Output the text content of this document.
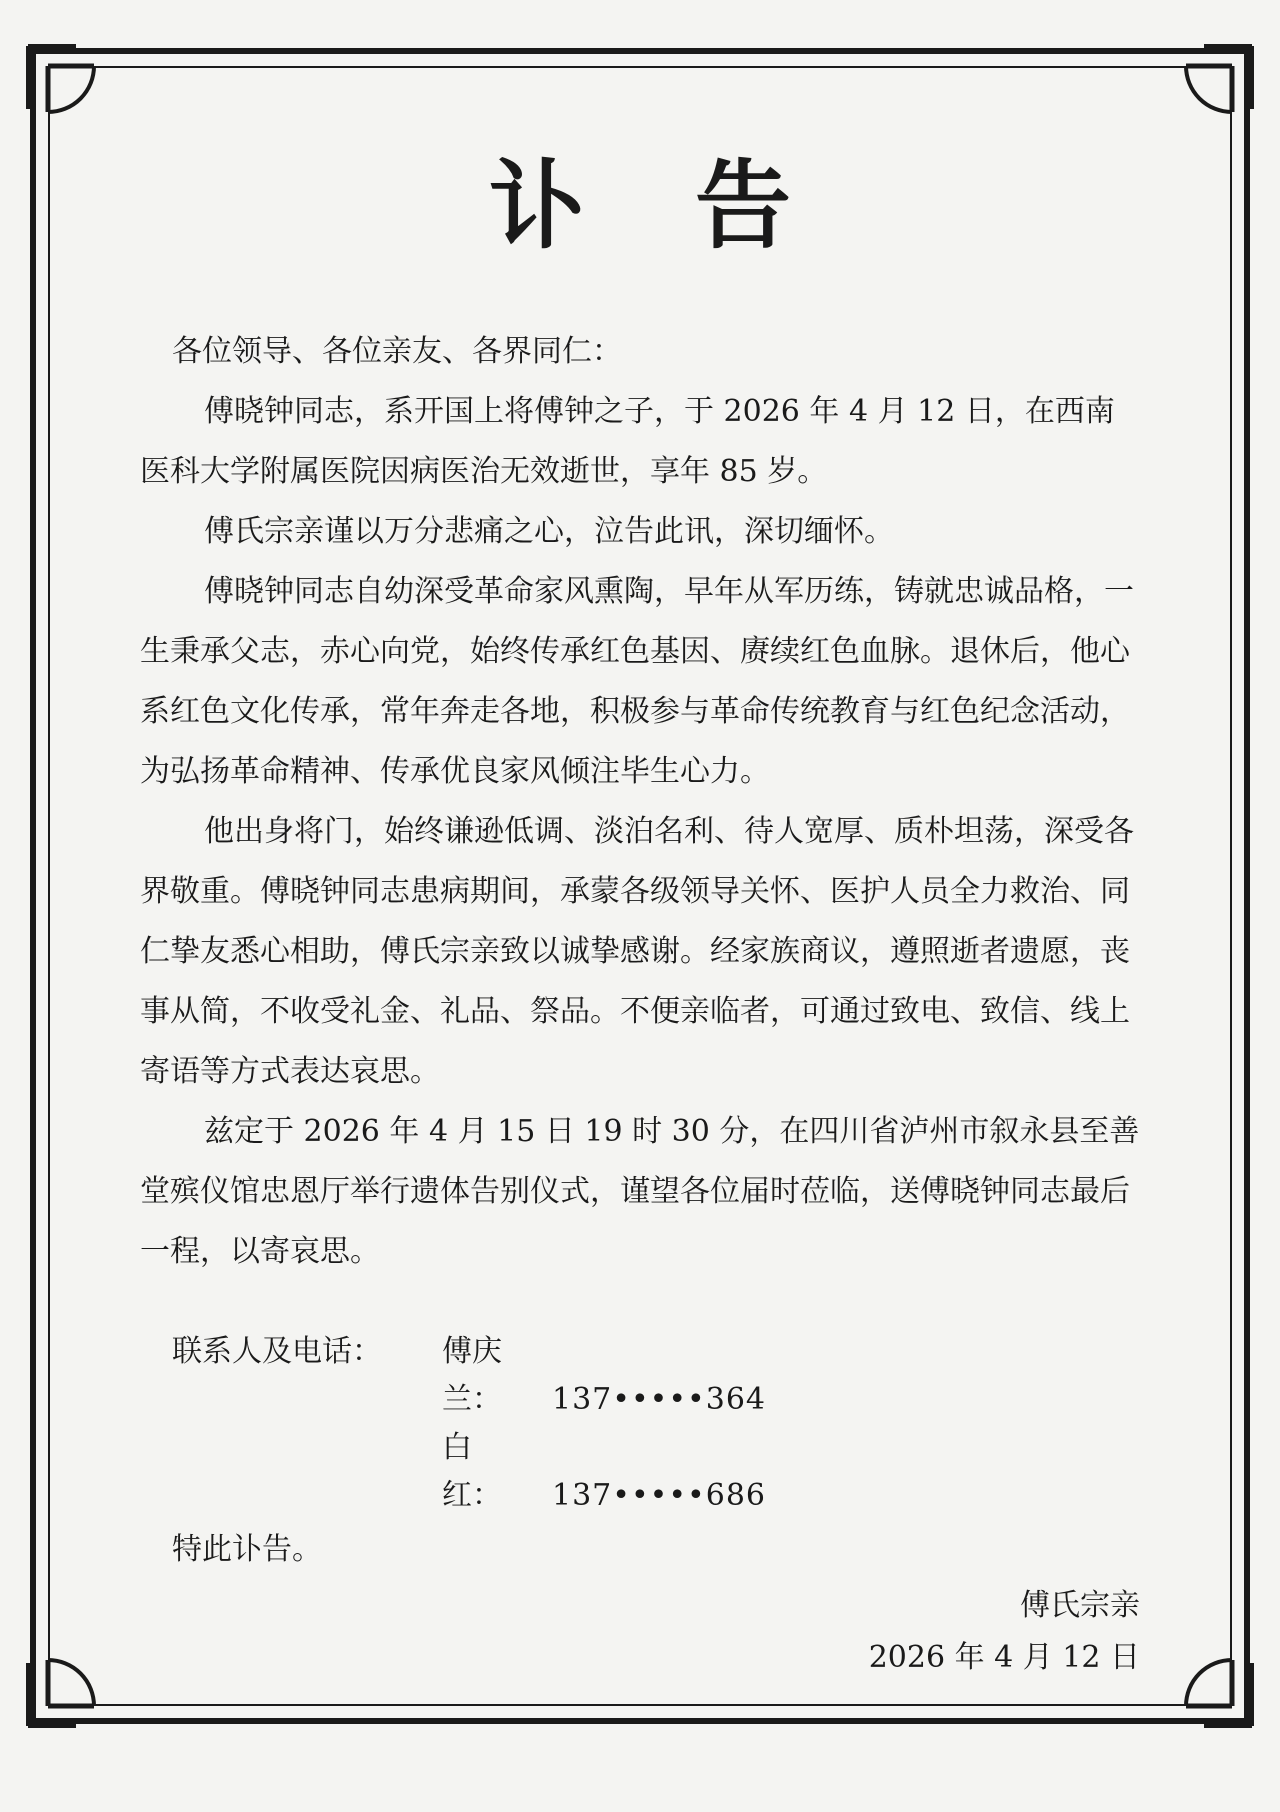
讣告

各位领导、各位亲友、各界同仁：

傅晓钟同志，系开国上将傅钟之子，于 2026 年 4 月 12 日，在西南医科大学附属医院因病医治无效逝世，享年 85 岁。

傅氏宗亲谨以万分悲痛之心，泣告此讯，深切缅怀。

傅晓钟同志自幼深受革命家风熏陶，早年从军历练，铸就忠诚品格，一生秉承父志，赤心向党，始终传承红色基因、赓续红色血脉。退休后，他心系红色文化传承，常年奔走各地，积极参与革命传统教育与红色纪念活动，为弘扬革命精神、传承优良家风倾注毕生心力。

他出身将门，始终谦逊低调、淡泊名利、待人宽厚、质朴坦荡，深受各界敬重。傅晓钟同志患病期间，承蒙各级领导关怀、医护人员全力救治、同仁挚友悉心相助，傅氏宗亲致以诚挚感谢。经家族商议，遵照逝者遗愿，丧事从简，不收受礼金、礼品、祭品。不便亲临者，可通过致电、致信、线上寄语等方式表达哀思。

兹定于 2026 年 4 月 15 日 19 时 30 分，在四川省泸州市叙永县至善堂殡仪馆忠恩厅举行遗体告别仪式，谨望各位届时莅临，送傅晓钟同志最后一程，以寄哀思。

联系人及电话：	傅庆兰： 137•••••364
白　红： 137•••••686

特此讣告。

傅氏宗亲
2026 年 4 月 12 日
